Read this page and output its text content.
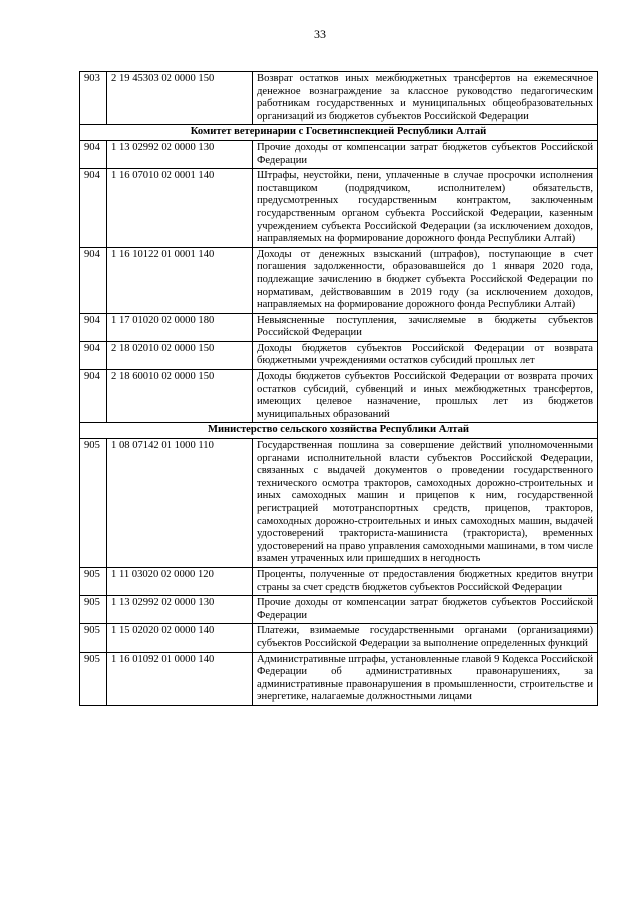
33
903	2 19 45303 02 0000 150	Возврат остатков иных межбюджетных трансфертов на ежемесячное денежное вознаграждение за классное руководство педагогическим работникам государственных и муниципальных общеобразовательных организаций из бюджетов субъектов Российской Федерации
Комитет ветеринарии с Госветинспекцией Республики Алтай		
904	1 13 02992 02 0000 130	Прочие доходы от компенсации затрат бюджетов субъектов Российской Федерации
904	1 16 07010 02 0001 140	Штрафы, неустойки, пени, уплаченные в случае просрочки исполнения поставщиком (подрядчиком, исполнителем) обязательств, предусмотренных государственным контрактом, заключенным государственным органом субъекта Российской Федерации, казенным учреждением субъекта Российской Федерации (за исключением доходов, направляемых на формирование дорожного фонда Республики Алтай)
904	1 16 10122 01 0001 140	Доходы от денежных взысканий (штрафов), поступающие в счет погашения задолженности, образовавшейся до 1 января 2020 года, подлежащие зачислению в бюджет субъекта Российской Федерации по нормативам, действовавшим в 2019 году (за исключением доходов, направляемых на формирование дорожного фонда Республики Алтай)
904	1 17 01020 02 0000 180	Невыясненные поступления, зачисляемые в бюджеты субъектов Российской Федерации
904	2 18 02010 02 0000 150	Доходы бюджетов субъектов Российской Федерации от возврата бюджетными учреждениями остатков субсидий прошлых лет
904	2 18 60010 02 0000 150	Доходы бюджетов субъектов Российской Федерации от возврата прочих остатков субсидий, субвенций и иных межбюджетных трансфертов, имеющих целевое назначение, прошлых лет из бюджетов муниципальных образований
Министерство сельского хозяйства Республики Алтай		
905	1 08 07142 01 1000 110	Государственная пошлина за совершение действий уполномоченными органами исполнительной власти субъектов Российской Федерации, связанных с выдачей документов о проведении государственного технического осмотра тракторов, самоходных дорожно-строительных и иных самоходных машин и прицепов к ним, государственной регистрацией мототранспортных средств, прицепов, тракторов, самоходных дорожно-строительных и иных самоходных машин, выдачей удостоверений тракториста-машиниста (тракториста), временных удостоверений на право управления самоходными машинами, в том числе взамен утраченных или пришедших в негодность
905	1 11 03020 02 0000 120	Проценты, полученные от предоставления бюджетных кредитов внутри страны за счет средств бюджетов субъектов Российской Федерации
905	1 13 02992 02 0000 130	Прочие доходы от компенсации затрат бюджетов субъектов Российской Федерации
905	1 15 02020 02 0000 140	Платежи, взимаемые государственными органами (организациями) субъектов Российской Федерации за выполнение определенных функций
905	1 16 01092 01 0000 140	Административные штрафы, установленные главой 9 Кодекса Российской Федерации об административных правонарушениях, за административные правонарушения в промышленности, строительстве и энергетике, налагаемые должностными лицами
